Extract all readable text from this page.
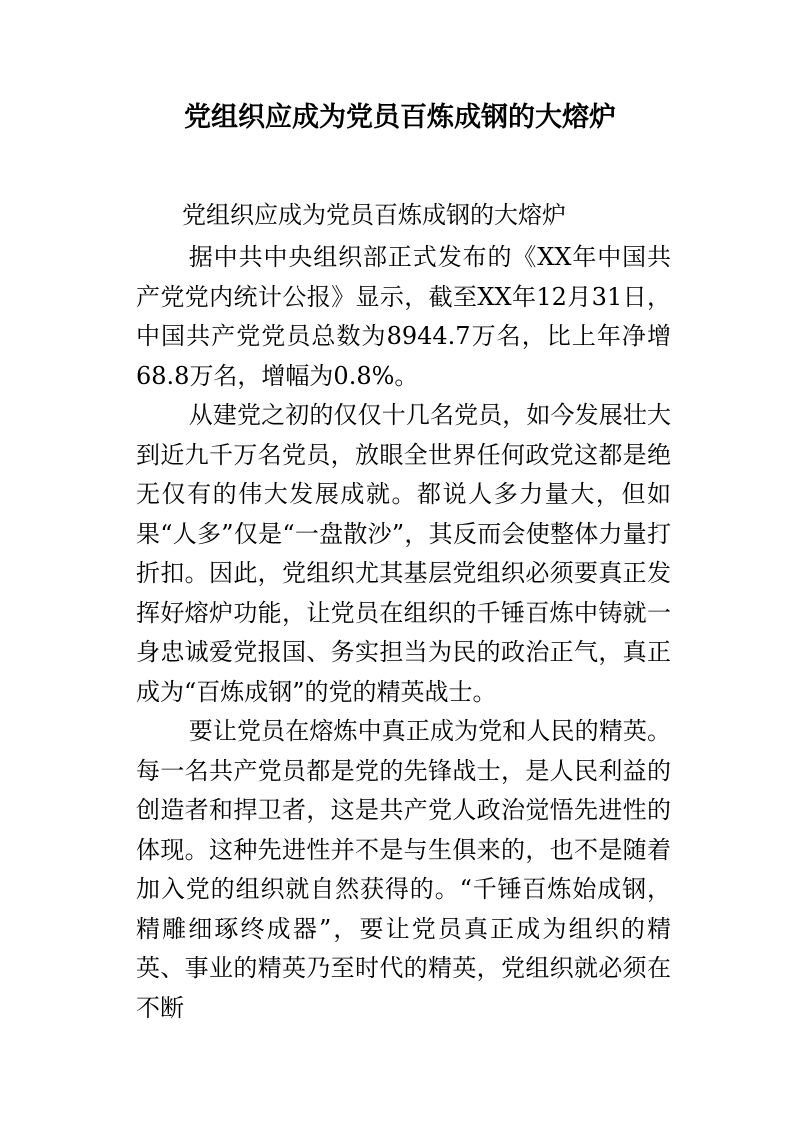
党组织应成为党员百炼成钢的大熔炉

党组织应成为党员百炼成钢的大熔炉

据中共中央组织部正式发布的《XX年中国共产党党内统计公报》显示，截至XX年12月31日，中国共产党党员总数为8944.7万名，比上年净增68.8万名，增幅为0.8%。

从建党之初的仅仅十几名党员，如今发展壮大到近九千万名党员，放眼全世界任何政党这都是绝无仅有的伟大发展成就。都说人多力量大，但如果“人多”仅是“一盘散沙”，其反而会使整体力量打折扣。因此，党组织尤其基层党组织必须要真正发挥好熔炉功能，让党员在组织的千锤百炼中铸就一身忠诚爱党报国、务实担当为民的政治正气，真正成为“百炼成钢”的党的精英战士。

要让党员在熔炼中真正成为党和人民的精英。每一名共产党员都是党的先锋战士，是人民利益的创造者和捍卫者，这是共产党人政治觉悟先进性的体现。这种先进性并不是与生俱来的，也不是随着加入党的组织就自然获得的。“千锤百炼始成钢，精雕细琢终成器”，要让党员真正成为组织的精英、事业的精英乃至时代的精英，党组织就必须在不断
